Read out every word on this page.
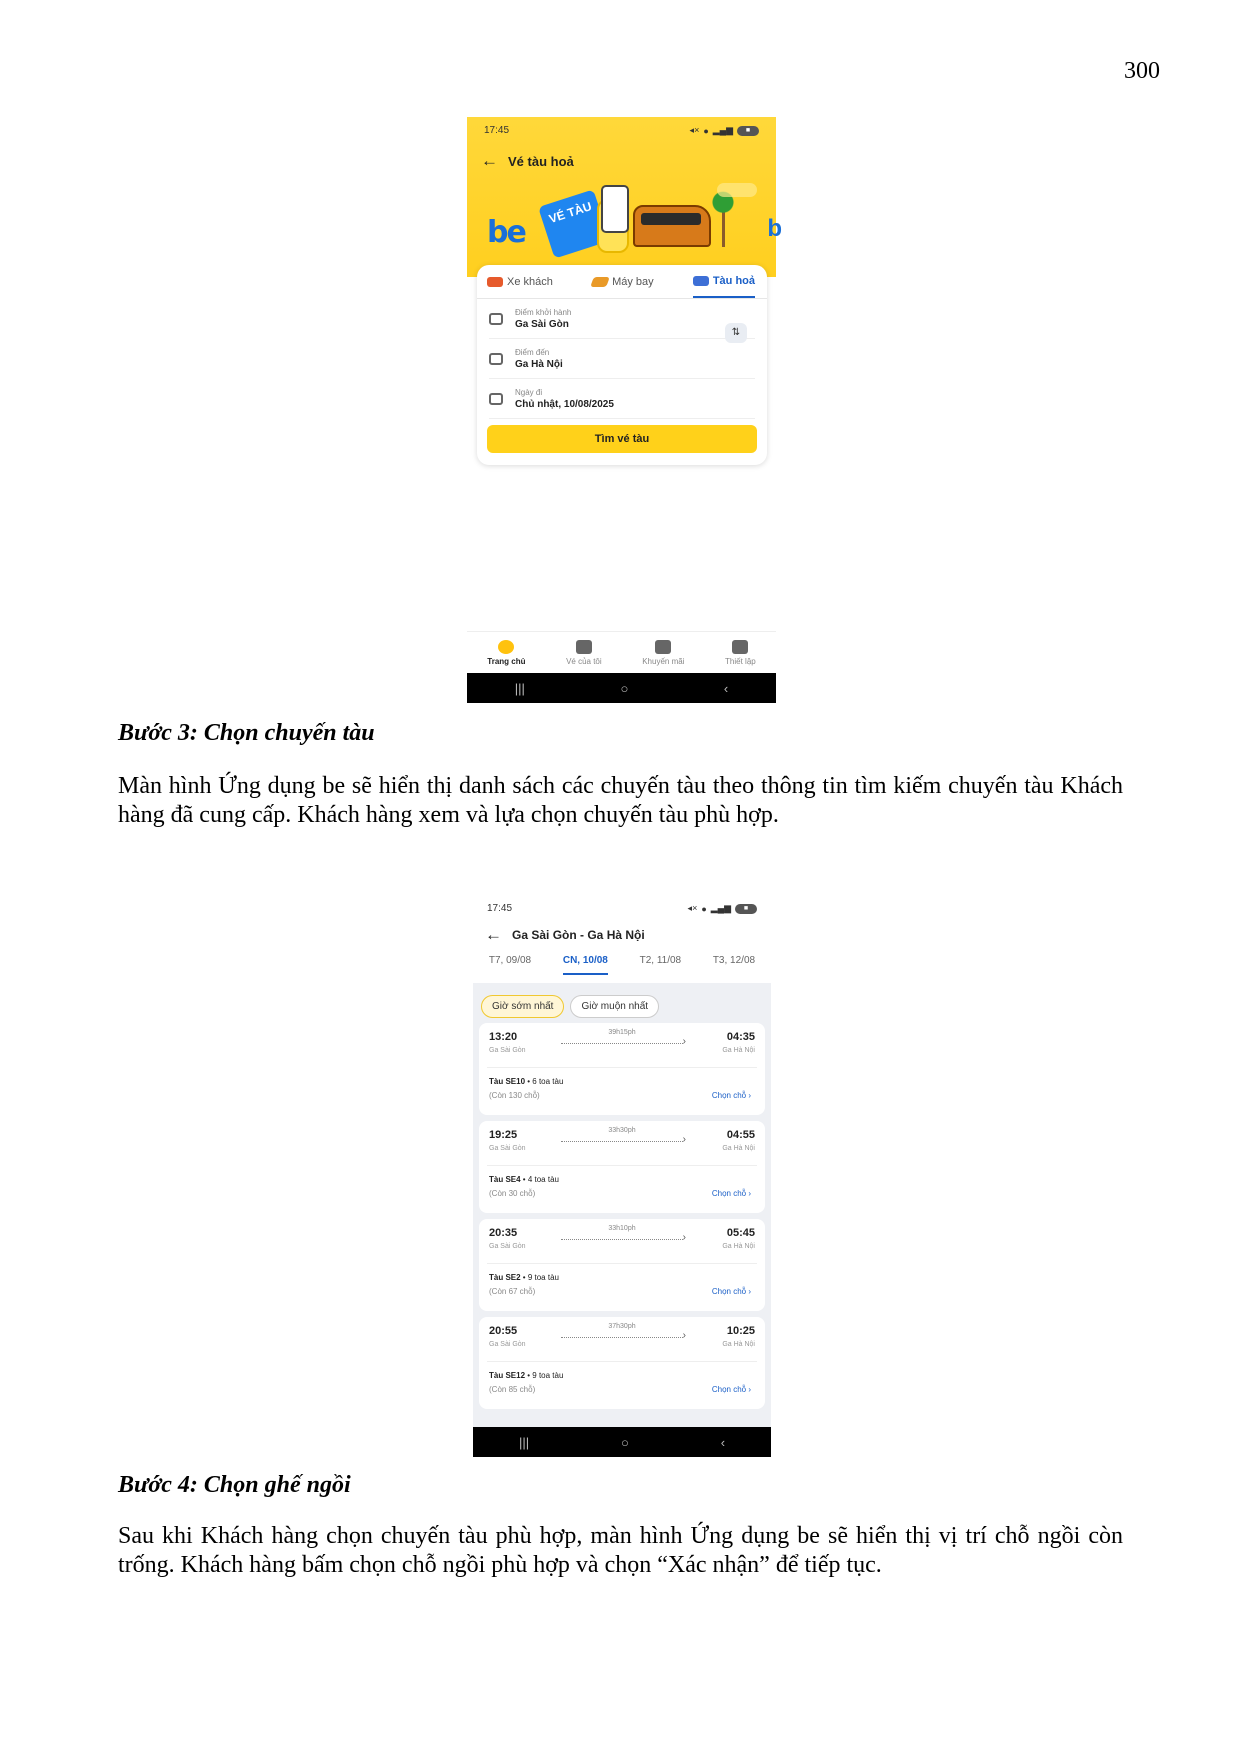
300
17:45	◂× ● ▂▄▆	■
← Vé tàu hoả
be
VÉ TÀU
b
Xe khách	Máy bay	Tàu hoả
Điểm khởi hành
Ga Sài Gòn
⇅
Điểm đến
Ga Hà Nội
Ngày đi
Chủ nhật, 10/08/2025
Tìm vé tàu
Trang chủ	Vé của tôi	Khuyến mãi	Thiết lập
|||	○	‹
Bước 3: Chọn chuyến tàu
Màn hình Ứng dụng be sẽ hiển thị danh sách các chuyến tàu theo thông tin tìm kiếm chuyến tàu Khách hàng đã cung cấp. Khách hàng xem và lựa chọn chuyến tàu phù hợp.
17:45	◂× ● ▂▄▆	■
← Ga Sài Gòn - Ga Hà Nội
T7, 09/08	CN, 10/08	T2, 11/08	T3, 12/08
Giờ sớm nhất	Giờ muộn nhất
13:20
Ga Sài Gòn
39h15ph
›	04:35
Ga Hà Nội
Tàu SE10 • 6 toa tàu
(Còn 130 chỗ)	Chọn chỗ ›
19:25
Ga Sài Gòn
33h30ph
›	04:55
Ga Hà Nội
Tàu SE4 • 4 toa tàu
(Còn 30 chỗ)	Chọn chỗ ›
20:35
Ga Sài Gòn
33h10ph
›	05:45
Ga Hà Nội
Tàu SE2 • 9 toa tàu
(Còn 67 chỗ)	Chọn chỗ ›
20:55
Ga Sài Gòn
37h30ph
›	10:25
Ga Hà Nội
Tàu SE12 • 9 toa tàu
(Còn 85 chỗ)	Chọn chỗ ›
|||	○	‹
Bước 4: Chọn ghế ngồi
Sau khi Khách hàng chọn chuyến tàu phù hợp, màn hình Ứng dụng be sẽ hiển thị vị trí chỗ ngồi còn trống. Khách hàng bấm chọn chỗ ngồi phù hợp và chọn “Xác nhận” để tiếp tục.
